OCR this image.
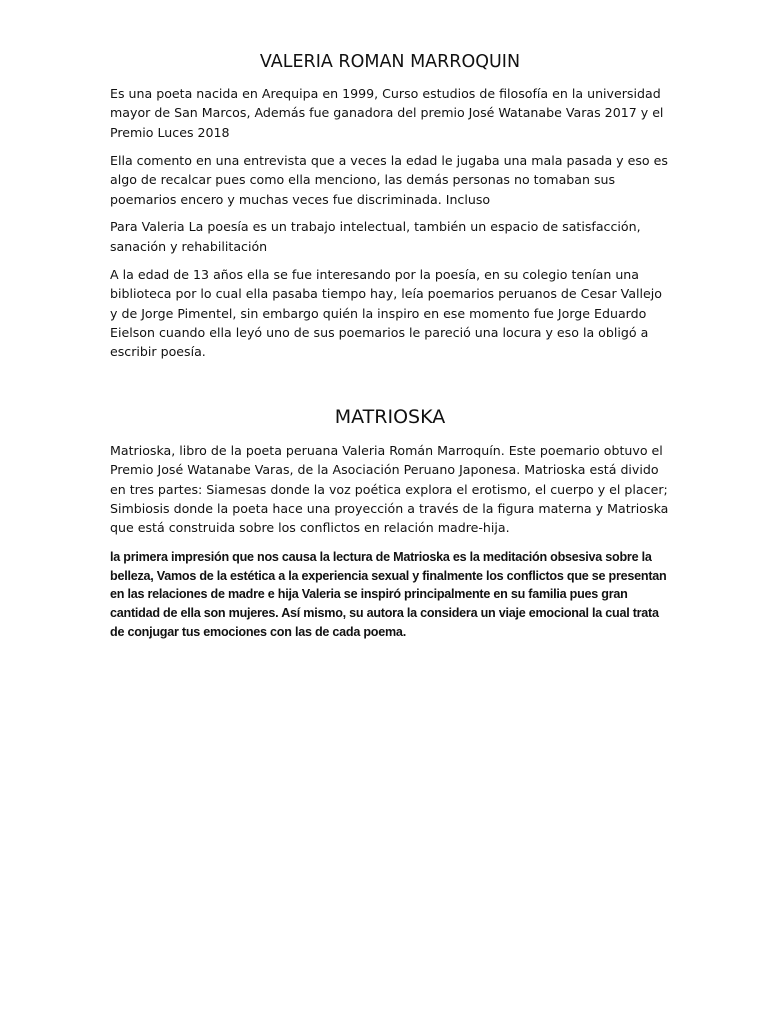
VALERIA ROMAN MARROQUIN

Es una poeta nacida en Arequipa en 1999, Curso estudios de filosofía en la universidad mayor de San Marcos, Además fue ganadora del premio José Watanabe Varas 2017 y el Premio Luces 2018

Ella comento en una entrevista que a veces la edad le jugaba una mala pasada y eso es algo de recalcar pues como ella menciono, las demás personas no tomaban sus poemarios encero y muchas veces fue discriminada. Incluso

Para Valeria La poesía es un trabajo intelectual, también un espacio de satisfacción, sanación y rehabilitación

A la edad de 13 años ella se fue interesando por la poesía, en su colegio tenían una biblioteca por lo cual ella pasaba tiempo hay, leía poemarios peruanos de Cesar Vallejo y de Jorge Pimentel, sin embargo quién la inspiro en ese momento fue Jorge Eduardo Eielson cuando ella leyó uno de sus poemarios le pareció una locura y eso la obligó a escribir poesía.

MATRIOSKA

Matrioska, libro de la poeta peruana Valeria Román Marroquín. Este poemario obtuvo el Premio José Watanabe Varas, de la Asociación Peruano Japonesa. Matrioska está divido en tres partes: Siamesas donde la voz poética explora el erotismo, el cuerpo y el placer; Simbiosis donde la poeta hace una proyección a través de la figura materna y Matrioska que está construida sobre los conflictos en relación madre-hija.

la primera impresión que nos causa la lectura de Matriosk​a es la meditación obsesiva sobre la belleza, Vamos de la estética a la experiencia sexual y finalmente los conflictos que se presentan en las relaciones de madre e hija Valeria se inspiró principalmente en su familia pues gran cantidad de ella son mujeres. Así mismo, su autora la considera un viaje emocional la cual trata de conjugar tus emociones con las de cada poema.
